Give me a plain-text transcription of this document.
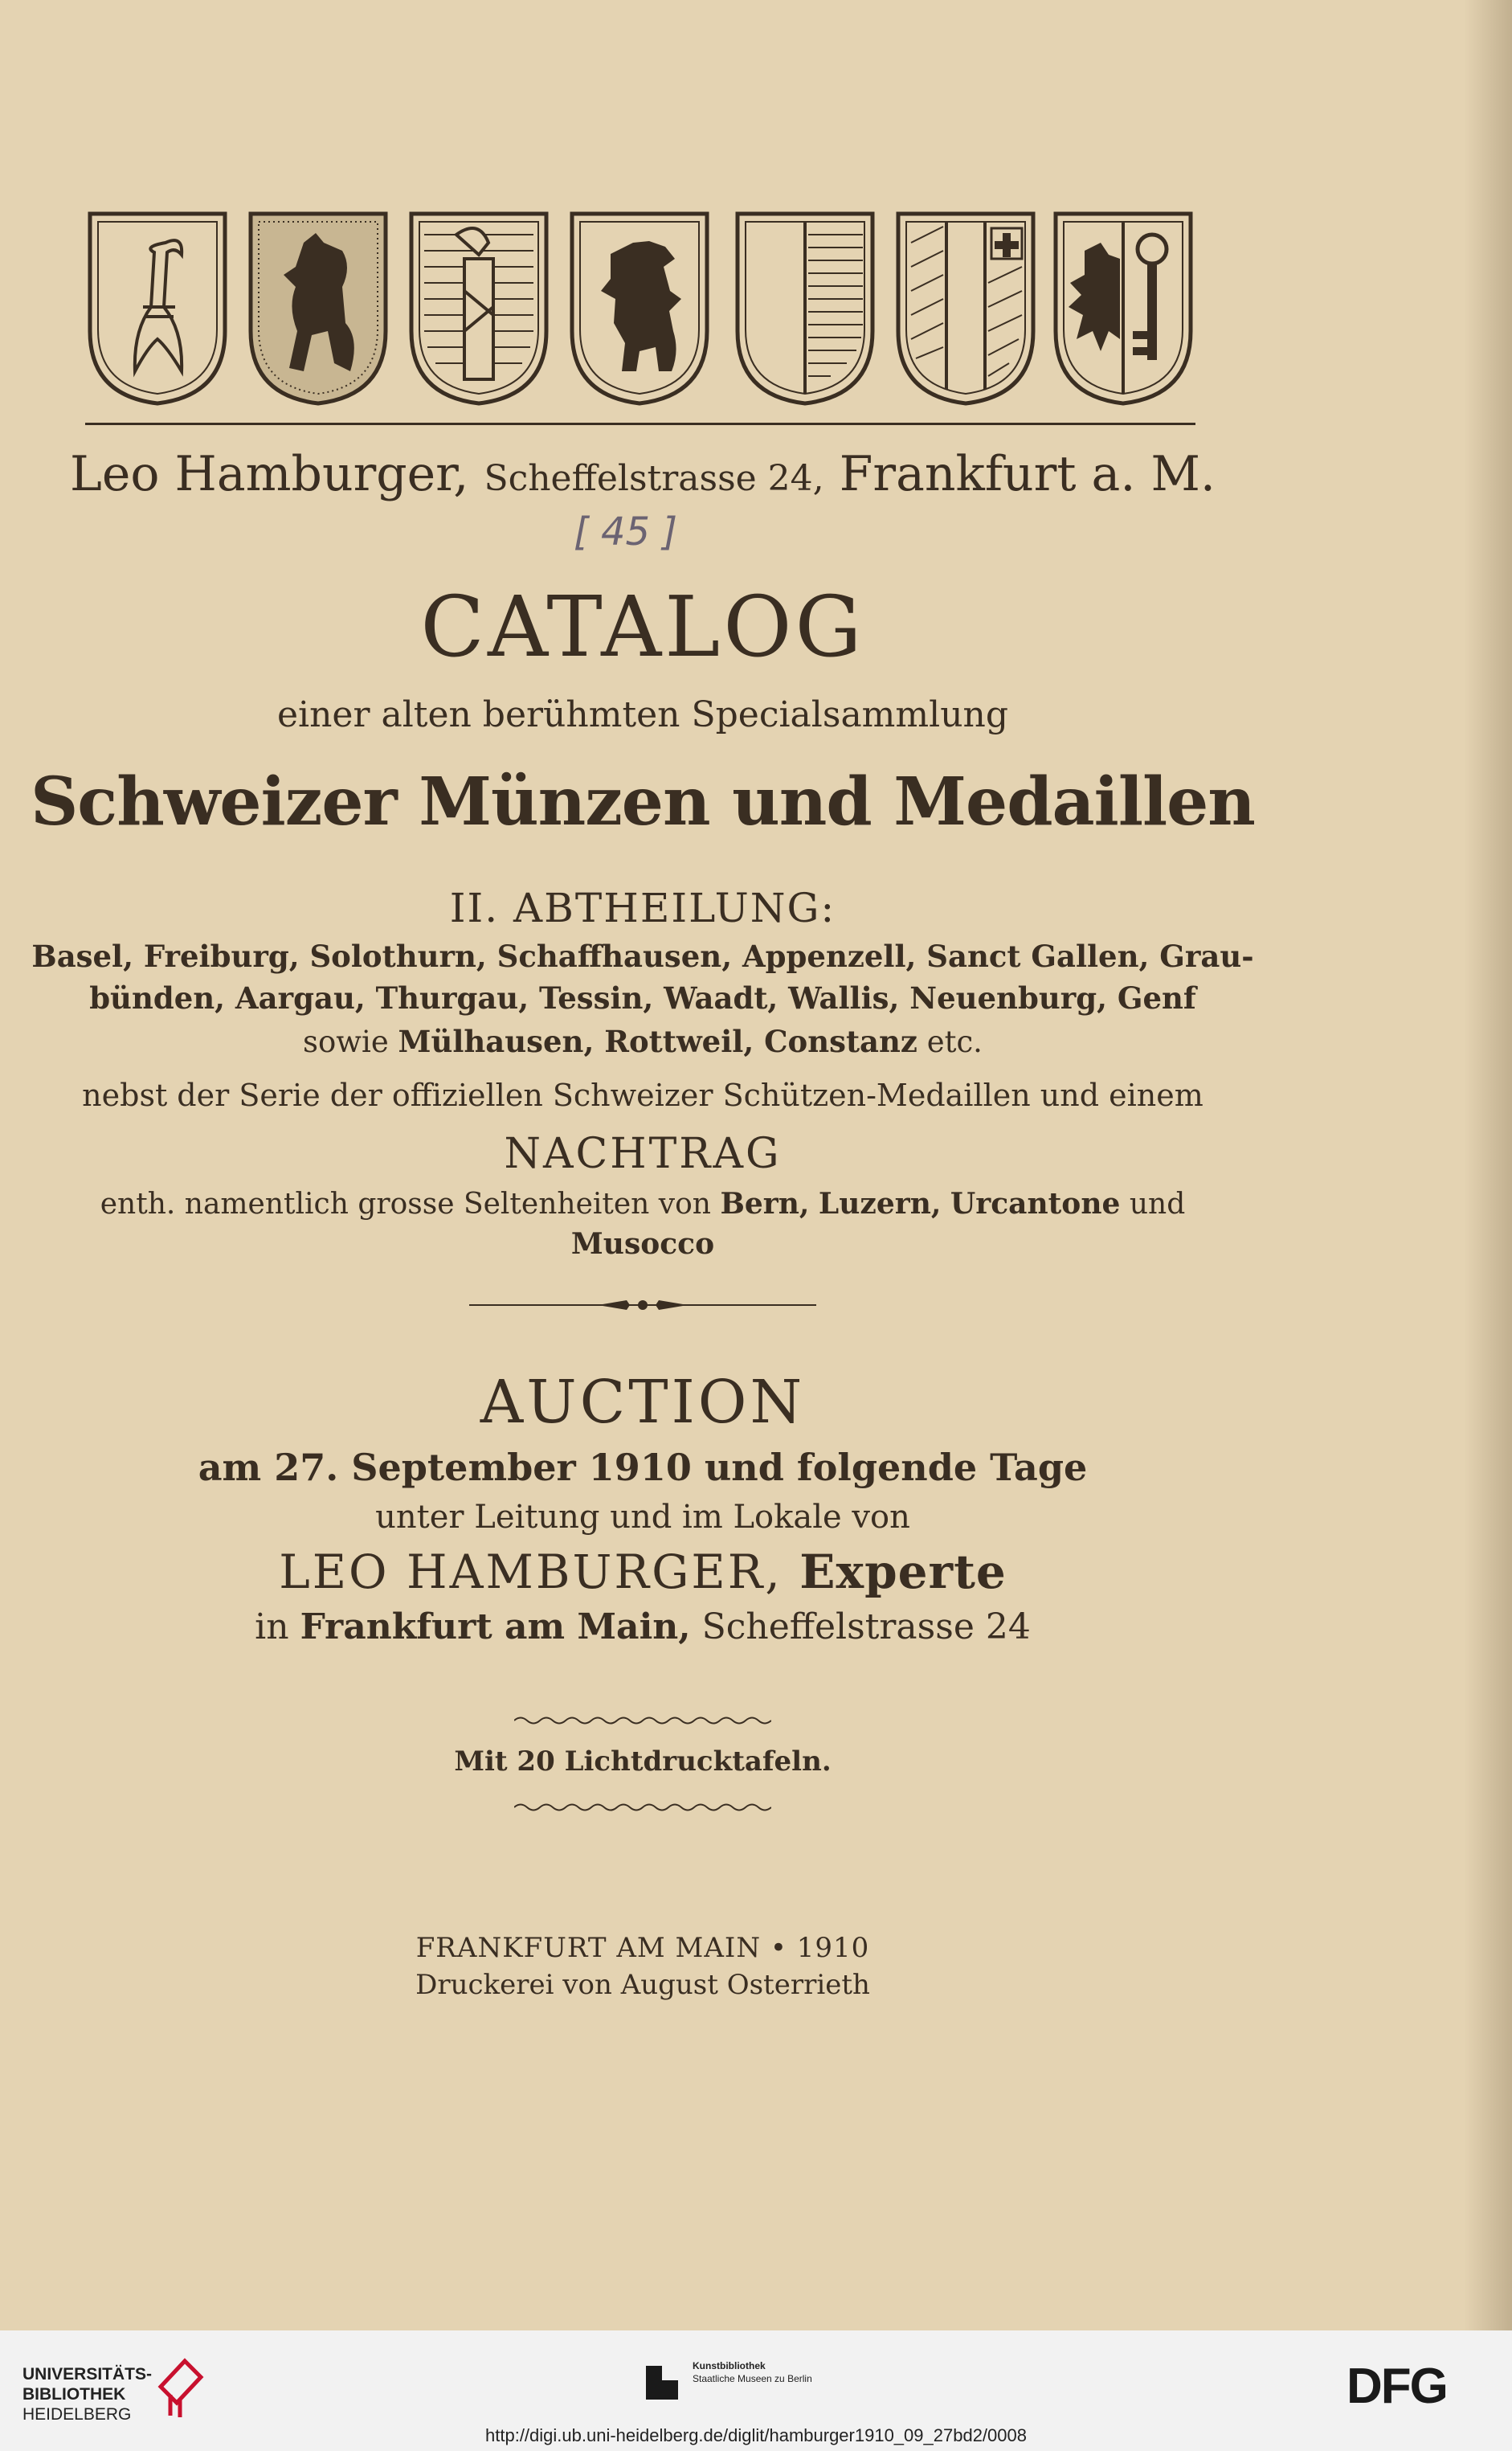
Leo Hamburger, Scheffelstrasse 24, Frankfurt a. M.
[ 45 ]
CATALOG
einer alten berühmten Specialsammlung
Schweizer Münzen und Medaillen
II. ABTHEILUNG:
Basel, Freiburg, Solothurn, Schaffhausen, Appenzell, Sanct Gallen, Grau-
bünden, Aargau, Thurgau, Tessin, Waadt, Wallis, Neuenburg, Genf
sowie Mülhausen, Rottweil, Constanz etc.
nebst der Serie der offiziellen Schweizer Schützen-Medaillen und einem
NACHTRAG
enth. namentlich grosse Seltenheiten von Bern, Luzern, Urcantone und
Musocco
AUCTION
am 27. September 1910 und folgende Tage
unter Leitung und im Lokale von
LEO HAMBURGER, Experte
in Frankfurt am Main, Scheffelstrasse 24
Mit 20 Lichtdrucktafeln.
FRANKFURT AM MAIN • 1910
Druckerei von August Osterrieth
UNIVERSITÄTS-
BIBLIOTHEK
HEIDELBERG
Kunstbibliothek
Staatliche Museen zu Berlin	DFG
http://digi.ub.uni-heidelberg.de/diglit/hamburger1910_09_27bd2/0008
